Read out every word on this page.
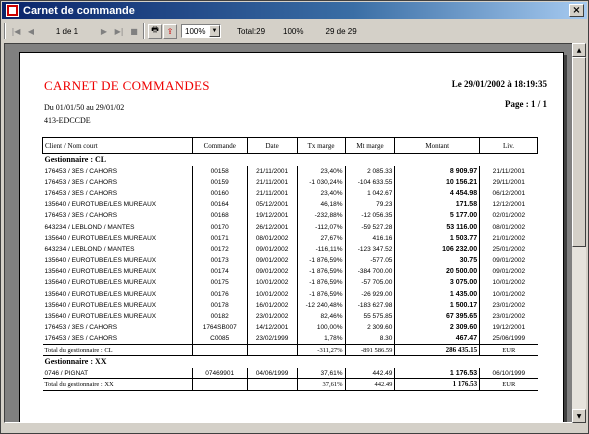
Carnet de commande	×
|◀ ◀	1 de 1	▶ ▶| ■	🖶 ⇪	100%	▼	Total:29 100%	29 de 29
CARNET DE COMMANDES	Le 29/01/2002 à 18:19:35
Du 01/01/50 au 29/01/02	Page : 1 / 1
413-EDCCDE
Client / Nom court	Commande	Date	Tx marge	Mt marge	Montant	Liv.
Gestionnaire : CL						
176453 / 3ES / CAHORS	00158	21/11/2001	23,40%	2 085.33	8 909.97	21/11/2001
176453 / 3ES / CAHORS	00159	21/11/2001	-1 030,24%	-104 633.55	10 156.21	29/11/2001
176453 / 3ES / CAHORS	00160	21/11/2001	23,40%	1 042.67	4 454.98	06/12/2001
135640 / EUROTUBE/LES MUREAUX	00164	05/12/2001	46,18%	79.23	171.58	12/12/2001
176453 / 3ES / CAHORS	00168	19/12/2001	-232,88%	-12 056.35	5 177.00	02/01/2002
643234 / LEBLOND / MANTES	00170	26/12/2001	-112,07%	-59 527.28	53 116.00	08/01/2002
135640 / EUROTUBE/LES MUREAUX	00171	08/01/2002	27,67%	416.16	1 503.77	21/01/2002
643234 / LEBLOND / MANTES	00172	09/01/2002	-116,11%	-123 347.52	106 232.00	25/01/2002
135640 / EUROTUBE/LES MUREAUX	00173	09/01/2002	-1 876,59%	-577.05	30.75	09/01/2002
135640 / EUROTUBE/LES MUREAUX	00174	09/01/2002	-1 876,59%	-384 700.00	20 500.00	09/01/2002
135640 / EUROTUBE/LES MUREAUX	00175	10/01/2002	-1 876,59%	-57 705.00	3 075.00	10/01/2002
135640 / EUROTUBE/LES MUREAUX	00176	10/01/2002	-1 876,59%	-26 929.00	1 435.00	10/01/2002
135640 / EUROTUBE/LES MUREAUX	00178	16/01/2002	-12 240,48%	-183 627.98	1 500.17	23/01/2002
135640 / EUROTUBE/LES MUREAUX	00182	23/01/2002	82,46%	55 575.85	67 395.65	23/01/2002
176453 / 3ES / CAHORS	1764SB007	14/12/2001	100,00%	2 309.60	2 309.60	19/12/2001
176453 / 3ES / CAHORS	C0085	23/02/1999	1,78%	8.30	467.47	25/06/1999
Total du gestionnaire : CL			-311,27%	-891 586.59	286 435.15	EUR
Gestionnaire : XX						
0746 / PIGNAT	07469901	04/06/1999	37,61%	442.49	1 176.53	06/10/1999
Total du gestionnaire : XX			37,61%	442.49	1 176.53	EUR
▲
▼
